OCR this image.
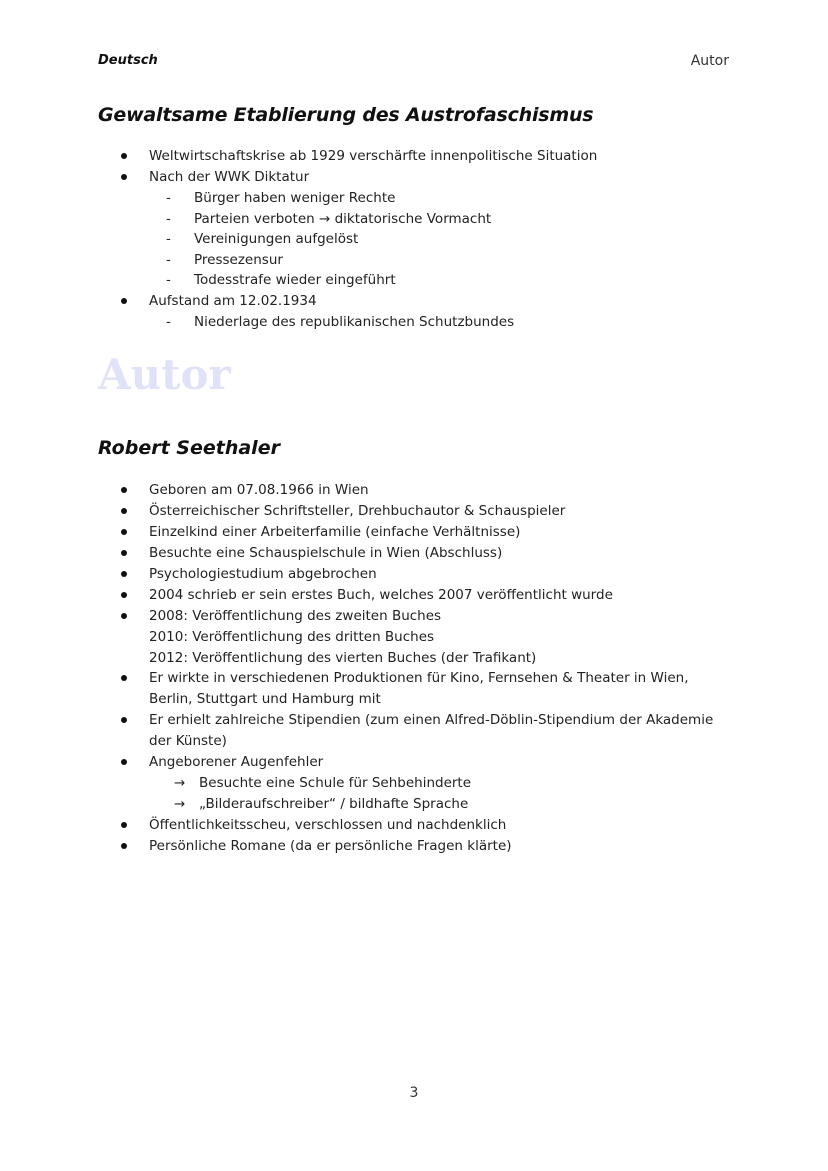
Deutsch	Autor
Gewaltsame Etablierung des Austrofaschismus
Weltwirtschaftskrise ab 1929 verschärfte innenpolitische Situation
Nach der WWK Diktatur
- Bürger haben weniger Rechte
- Parteien verboten → diktatorische Vormacht
- Vereinigungen aufgelöst
- Pressezensur
- Todesstrafe wieder eingeführt
Aufstand am 12.02.1934
- Niederlage des republikanischen Schutzbundes
Autor
Robert Seethaler
Geboren am 07.08.1966 in Wien
Österreichischer Schriftsteller, Drehbuchautor & Schauspieler
Einzelkind einer Arbeiterfamilie (einfache Verhältnisse)
Besuchte eine Schauspielschule in Wien (Abschluss)
Psychologiestudium abgebrochen
2004 schrieb er sein erstes Buch, welches 2007 veröffentlicht wurde
2008: Veröffentlichung des zweiten Buches
2010: Veröffentlichung des dritten Buches
2012: Veröffentlichung des vierten Buches (der Trafikant)
Er wirkte in verschiedenen Produktionen für Kino, Fernsehen & Theater in Wien, Berlin, Stuttgart und Hamburg mit
Er erhielt zahlreiche Stipendien (zum einen Alfred-Döblin-Stipendium der Akademie der Künste)
Angeborener Augenfehler
→ Besuchte eine Schule für Sehbehinderte
→ „Bilderaufschreiber“ / bildhafte Sprache
Öffentlichkeitsscheu, verschlossen und nachdenklich
Persönliche Romane (da er persönliche Fragen klärte)
3
